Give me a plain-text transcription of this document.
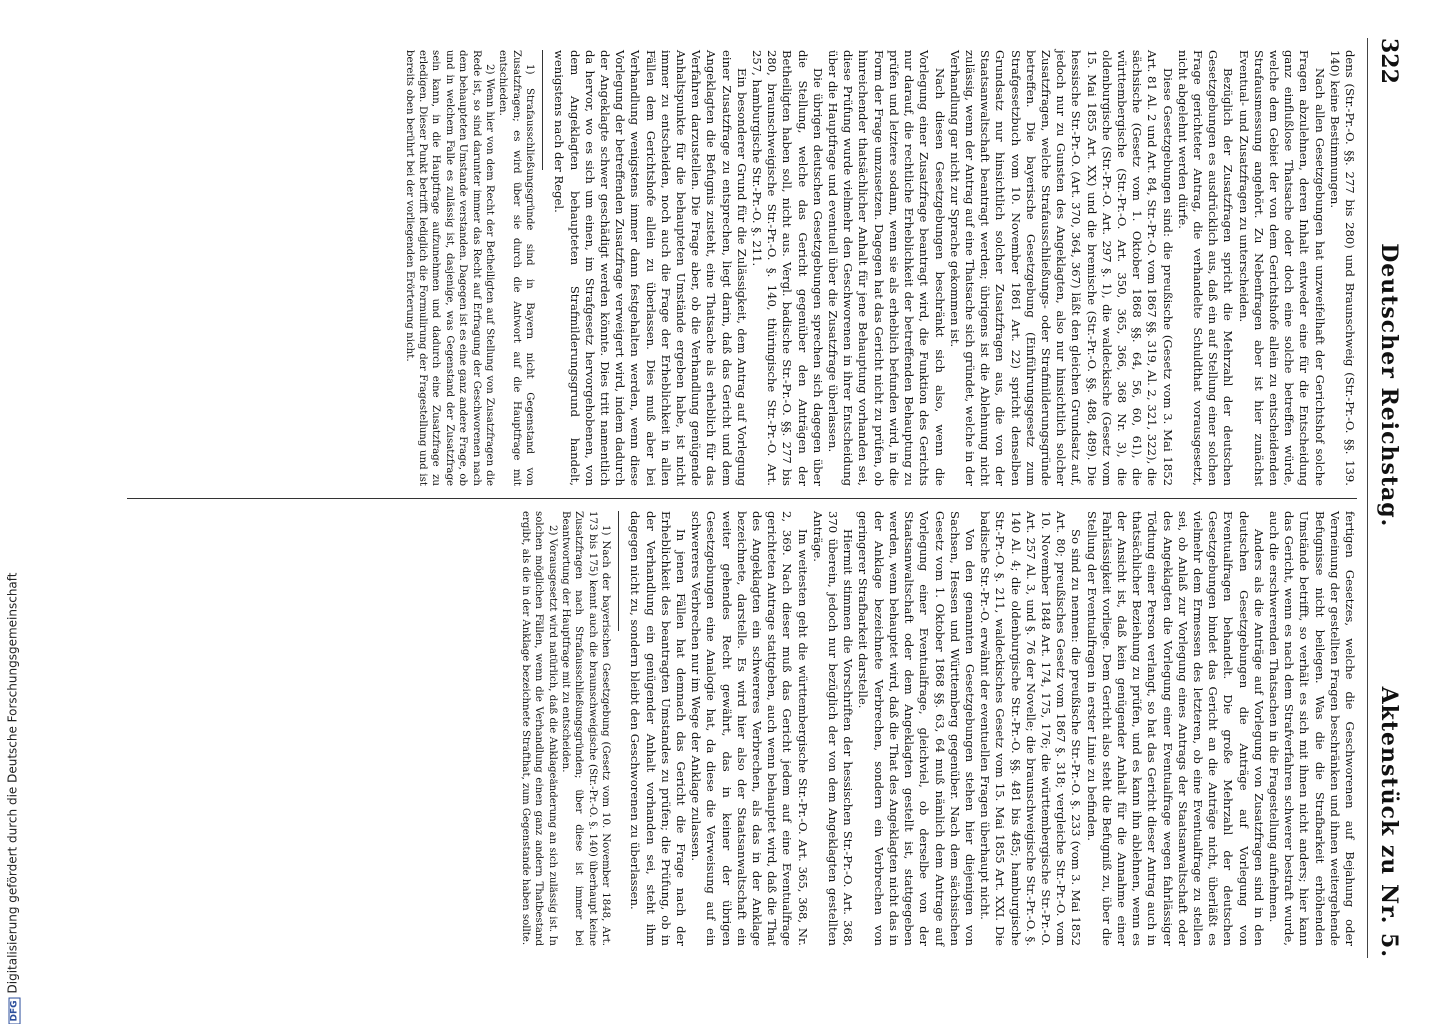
322
Deutscher Reichstag.
Aktenstück zu Nr. 5.

dens (Str.-Pr.-O. §§. 277 bis 280) und Braunschweig (Str.-Pr.-O. §§. 139. 140) keine Bestimmungen.

Nach allen Gesetzgebungen hat unzweifelhaft der Gerichtshof solche Fragen abzulehnen, deren Inhalt entweder eine für die Entscheidung ganz einflußlose Thatsache oder doch eine solche betreffen würde, welche dem Gebiet der von dem Gerichtshofe allein zu entscheidenden Strafausmessung angehört. Zu Nebenfragen aber ist hier zunächst Eventual- und Zusatzfragen zu unterscheiden.

Bezüglich der Zusatzfragen spricht die Mehrzahl der deutschen Gesetzgebungen es ausdrücklich aus, daß ein auf Stellung einer solchen Frage gerichteter Antrag, die verhandelte Schuldthat vorausgesetzt, nicht abgelehnt werden dürfe.

Diese Gesetzgebungen sind: die preußische (Gesetz vom 3. Mai 1852 Art. 81 Al. 2 und Art. 84, Str.-Pr.-O. vom 1867 §§. 319, Al. 2, 321, 322), die sächsische (Gesetz vom 1. Oktober 1868 §§. 64, 56, 60, 61), die württembergische (Str.-Pr.-O. Art. 350, 365, 366, 368 Nr. 3), die oldenburgische (Str.-Pr.-O. Art. 297 §. 1), die waldeckische (Gesetz vom 15. Mai 1855 Art. XX) und die bremische (Str.-Pr.-O. §§. 488, 489). Die hessische Str.-Pr.-O. (Art. 370, 364, 367) läßt den gleichen Grundsatz auf, jedoch nur zu Gunsten des Angeklagten, also nur hinsichtlich solcher Zusatzfragen, welche Strafausschließungs- oder Strafmilderungsgründe betreffen. Die bayerische Gesetzgebung (Einführungsgesetz zum Strafgesetzbuch vom 10. November 1861 Art. 22) spricht denselben Grundsatz nur hinsichtlich solcher Zusatzfragen aus, die von der Staatsanwaltschaft beantragt werden; übrigens ist die Ablehnung nicht zulässig, wenn der Antrag auf eine Thatsache sich gründet, welche in der Verhandlung gar nicht zur Sprache gekommen ist.

Nach diesen Gesetzgebungen beschränkt sich also, wenn die Vorlegung einer Zusatzfrage beantragt wird, die Funktion des Gerichts nur darauf, die rechtliche Erheblichkeit der betreffenden Behauptung zu prüfen und letztere sodann, wenn sie als erheblich befunden wird, in die Form der Frage umzusetzen. Dagegen hat das Gericht nicht zu prüfen, ob hinreichender thatsächlicher Anhalt für jene Behauptung vorhanden sei, diese Prüfung wurde vielmehr den Geschworenen in ihrer Entscheidung über die Hauptfrage und eventuell über die Zusatzfrage überlassen.

Die übrigen deutschen Gesetzgebungen sprechen sich dagegen über die Stellung, welche das Gericht gegenüber den Anträgen der Betheiligten haben soll, nicht aus. Vergl. badische Str.-Pr.-O. §§. 277 bis 280, braunschweigische Str.-Pr.-O. §. 140, thüringische Str.-Pr.-O. Art. 257, hamburgische Str.-Pr.-O. §. 211.

Ein besonderer Grund für die Zulässigkeit, dem Antrag auf Vorlegung einer Zusatzfrage zu entsprechen, liegt darin, daß das Gericht und dem Angeklagten die Befugnis zusteht, eine Thatsache als erheblich für das Verfahren darzustellen. Die Frage aber, ob die Verhandlung genügende Anhaltspunkte für die behaupteten Umstände ergeben habe, ist nicht immer zu entscheiden, noch auch die Frage der Erheblichkeit in allen Fällen dem Gerichtshofe allein zu überlassen. Dies muß aber bei Verhandlung wenigstens immer dann festgehalten werden, wenn diese Vorlegung der betreffenden Zusatzfrage verweigert wird, indem dadurch der Angeklagte schwer geschädigt werden könnte. Dies tritt namentlich da hervor, wo es sich um einen, im Strafgesetz hervorgehobenen, von dem Angeklagten behaupteten Strafmilderungsgrund handelt, wenigstens nach der Regel.

1) Strafausschließungsgründe sind in Bayern nicht Gegenstand von Zusatzfragen; es wird über sie durch die Antwort auf die Hauptfrage mit entschieden.

2) Wenn hier von dem Recht der Betheiligten auf Stellung von Zusatzfragen die Rede ist, so sind darunter immer das Recht auf Erfragung der Geschworenen nach dem behaupteten Umstande verstanden. Dagegen ist es eine ganz andere Frage, ob und in welchem Falle es zulässig ist, dasjenige, was Gegenstand der Zusatzfrage sein kann, in die Hauptfrage aufzunehmen und dadurch eine Zusatzfrage zu erledigen. Dieser Punkt betrifft lediglich die Formulirung der Fragestellung und ist bereits oben berührt bei der vorliegenden Erörterung nicht.

fertigen Gesetzes, welche die Geschworenen auf Bejahung oder Verneinung der gestellten Fragen beschränken und ihnen weitergehende Befugnisse nicht beilegen. Was die die Strafbarkeit erhöhenden Umstände betrifft, so verhält es sich mit ihnen nicht anders; hier kann das Gericht, wenn es nach dem Strafverfahren schwerer bestraft wurde, auch die erschwerenden Thatsachen in die Fragestellung aufnehmen.

Anders als die Anträge auf Vorlegung von Zusatzfragen sind in den deutschen Gesetzgebungen die Anträge auf Vorlegung von Eventualfragen behandelt. Die große Mehrzahl der deutschen Gesetzgebungen bindet das Gericht an die Anträge nicht, überläßt es vielmehr dem Ermessen des letzteren, ob eine Eventualfrage zu stellen sei, ob Anlaß zur Vorlegung eines Antrags der Staatsanwaltschaft oder des Angeklagten die Vorlegung einer Eventualfrage wegen fahrlässiger Tödtung einer Person verlangt, so hat das Gericht dieser Antrag auch in thatsächlicher Beziehung zu prüfen, und es kann ihn ablehnen, wenn es der Ansicht ist, daß kein genügender Anhalt für die Annahme einer Fahrlässigkeit vorliege. Dem Gericht also steht die Befugniß zu, über die Stellung der Eventualfragen in erster Linie zu befinden.

So sind zu nennen: die preußische Str.-Pr.-O. §. 233 (vom 3. Mai 1852 Art. 80; preußisches Gesetz vom 1867 §. 318; vergleiche Str.-Pr.-O. vom 10. November 1848 Art. 174, 175, 176; die württembergische Str.-Pr.-O. Art. 257 Al. 3, und §. 76 der Novelle; die braunschweigische Str.-Pr.-O. §. 140 Al. 4; die oldenburgische Str.-Pr.-O. §§. 481 bis 485; hamburgische Str.-Pr.-O. §. 211, waldeckisches Gesetz vom 15. Mai 1855 Art. XXI. Die badische Str.-Pr.-O. erwähnt der eventuellen Fragen überhaupt nicht.

Von den genannten Gesetzgebungen stehen hier diejenigen von Sachsen, Hessen und Württemberg gegenüber. Nach dem sächsischen Gesetz vom 1. Oktober 1868 §§. 63, 64 muß nämlich dem Antrage auf Vorlegung einer Eventualfrage, gleichviel, ob derselbe von der Staatsanwaltschaft oder dem Angeklagten gestellt ist, stattgegeben werden, wenn behauptet wird, daß die That des Angeklagten nicht das in der Anklage bezeichnete Verbrechen, sondern ein Verbrechen von geringerer Strafbarkeit darstelle.

Hiermit stimmen die Vorschriften der hessischen Str.-Pr.-O. Art. 368, 370 überein, jedoch nur bezüglich der von dem Angeklagten gestellten Anträge.

Im weitesten geht die württembergische Str.-Pr.-O. Art. 365, 368, Nr. 2, 369. Nach dieser muß das Gericht jedem auf eine Eventualfrage gerichteten Antrage stattgeben, auch wenn behauptet wird, daß die That des Angeklagten ein schwereres Verbrechen, als das in der Anklage bezeichnete, darstelle. Es wird hier also der Staatsanwaltschaft ein weiter gehendes Recht gewährt, das in keiner der übrigen Gesetzgebungen eine Analogie hat, da diese die Verweisung auf ein schwereres Verbrechen nur im Wege der Anklage zulassen.

In jenen Fällen hat demnach das Gericht die Frage nach der Erheblichkeit des beantragten Umstandes zu prüfen; die Prüfung, ob in der Verhandlung ein genügender Anhalt vorhanden sei, steht ihm dagegen nicht zu, sondern bleibt den Geschworenen zu überlassen.

1) Nach der bayerischen Gesetzgebung (Gesetz vom 10. November 1848, Art. 173 bis 175) kennt auch die braunschweigische (Str.-Pr.-O. §. 140) überhaupt keine Zusatzfragen nach Strafausschließungsgründen; über diese ist immer bei Beantwortung der Hauptfrage mit zu entscheiden.

2) Vorausgesetzt wird natürlich, daß die Anklageänderung an sich zulässig ist. In solchen möglichen Fällen, wenn die Verhandlung einen ganz andern Thatbestand ergibt, als die in der Anklage bezeichnete Strafthat, zum Gegenstande haben sollte.

DFGDigitalisierung gefördert durch die Deutsche Forschungsgemeinschaft
